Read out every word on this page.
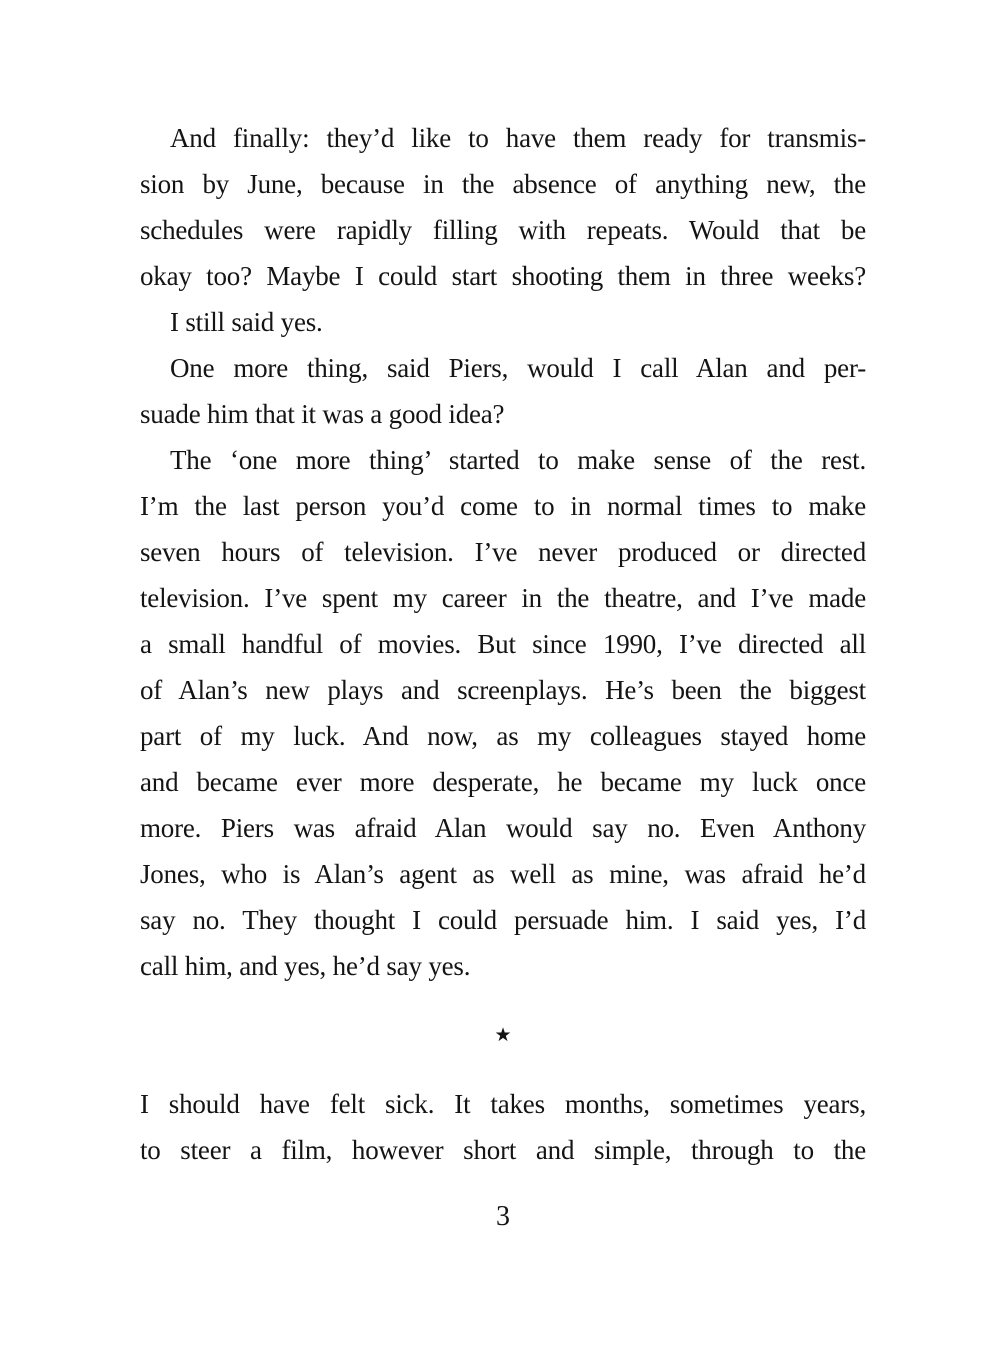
And finally: they’d like to have them ready for transmis-
sion by June, because in the absence of anything new, the
schedules were rapidly filling with repeats. Would that be
okay too? Maybe I could start shooting them in three weeks?
I still said yes.
One more thing, said Piers, would I call Alan and per-
suade him that it was a good idea?
The ‘one more thing’ started to make sense of the rest.
I’m the last person you’d come to in normal times to make
seven hours of television. I’ve never produced or directed
television. I’ve spent my career in the theatre, and I’ve made
a small handful of movies. But since 1990, I’ve directed all
of Alan’s new plays and screenplays. He’s been the biggest
part of my luck. And now, as my colleagues stayed home
and became ever more desperate, he became my luck once
more. Piers was afraid Alan would say no. Even Anthony
Jones, who is Alan’s agent as well as mine, was afraid he’d
say no. They thought I could persuade him. I said yes, I’d
call him, and yes, he’d say yes.
★
I should have felt sick. It takes months, sometimes years,
to steer a film, however short and simple, through to the
3
